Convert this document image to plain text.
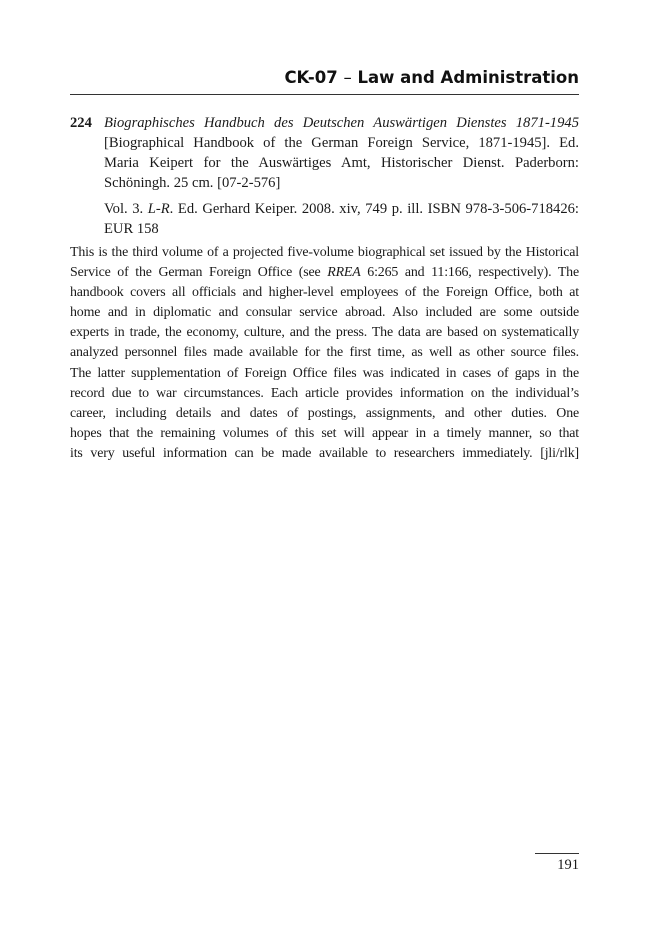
CK-07 – Law and Administration
224 Biographisches Handbuch des Deutschen Auswärtigen Dienstes 1871-1945
[Biographical Handbook of the German Foreign Service, 1871-1945]. Ed.
Maria Keipert for the Auswärtiges Amt, Historischer Dienst. Paderborn:
Schöningh. 25 cm. [07-2-576]
Vol. 3. L-R. Ed. Gerhard Keiper. 2008. xiv, 749 p. ill. ISBN 978-3-506-718426:
EUR 158
This is the third volume of a projected five-volume biographical set issued by the Historical
Service of the German Foreign Office (see RREA 6:265 and 11:166, respectively). The
handbook covers all officials and higher-level employees of the Foreign Office, both at
home and in diplomatic and consular service abroad. Also included are some outside
experts in trade, the economy, culture, and the press. The data are based on systematically
analyzed personnel files made available for the first time, as well as other source files.
The latter supplementation of Foreign Office files was indicated in cases of gaps in the
record due to war circumstances. Each article provides information on the individual’s
career, including details and dates of postings, assignments, and other duties. One
hopes that the remaining volumes of this set will appear in a timely manner, so that
its very useful information can be made available to researchers immediately. [jli/rlk]
191
